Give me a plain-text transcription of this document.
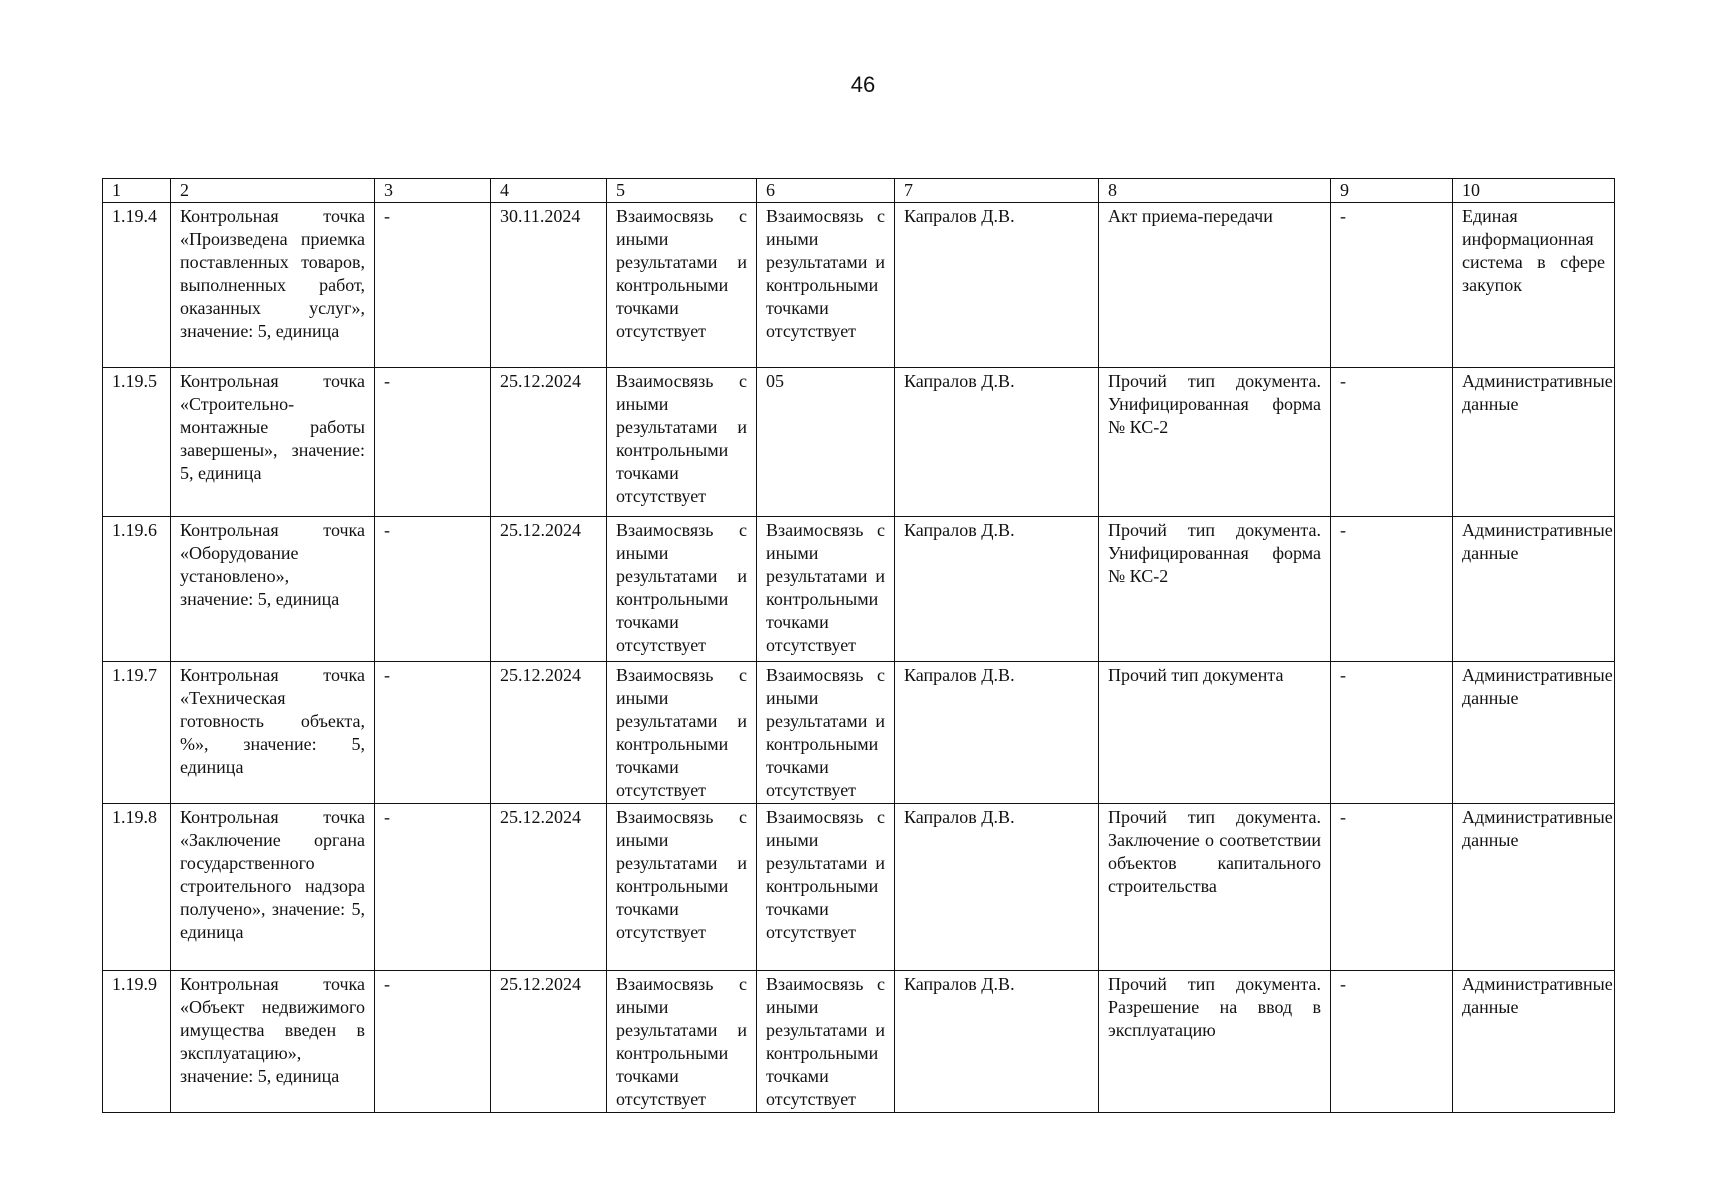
46
1	2	3	4	5	6	7	8	9	10
1.19.4	Контрольная точка «Произведена приемка поставленных товаров, выполненных работ, оказанных услуг», значение: 5, единица	-	30.11.2024	Взаимосвязь с иными результатами и контрольными точками отсутствует	Взаимосвязь с иными результатами и контрольными точками отсутствует	Капралов Д.В.	Акт приема-передачи	-	Единая информационная система в сфере закупок
1.19.5	Контрольная точка «Строительно-монтажные работы завершены», значение: 5, единица	-	25.12.2024	Взаимосвязь с иными результатами и контрольными точками отсутствует	05	Капралов Д.В.	Прочий тип документа. Унифицированная форма № КС-2	-	Административные данные
1.19.6	Контрольная точка «Оборудование установлено», значение: 5, единица	-	25.12.2024	Взаимосвязь с иными результатами и контрольными точками отсутствует	Взаимосвязь с иными результатами и контрольными точками отсутствует	Капралов Д.В.	Прочий тип документа. Унифицированная форма № КС-2	-	Административные данные
1.19.7	Контрольная точка «Техническая готовность объекта, %», значение: 5, единица	-	25.12.2024	Взаимосвязь с иными результатами и контрольными точками отсутствует	Взаимосвязь с иными результатами и контрольными точками отсутствует	Капралов Д.В.	Прочий тип документа	-	Административные данные
1.19.8	Контрольная точка «Заключение органа государственного строительного надзора получено», значение: 5, единица	-	25.12.2024	Взаимосвязь с иными результатами и контрольными точками отсутствует	Взаимосвязь с иными результатами и контрольными точками отсутствует	Капралов Д.В.	Прочий тип документа. Заключение о соответствии объектов капитального строительства	-	Административные данные
1.19.9	Контрольная точка «Объект недвижимого имущества введен в эксплуатацию», значение: 5, единица	-	25.12.2024	Взаимосвязь с иными результатами и контрольными точками отсутствует	Взаимосвязь с иными результатами и контрольными точками отсутствует	Капралов Д.В.	Прочий тип документа. Разрешение на ввод в эксплуатацию	-	Административные данные
